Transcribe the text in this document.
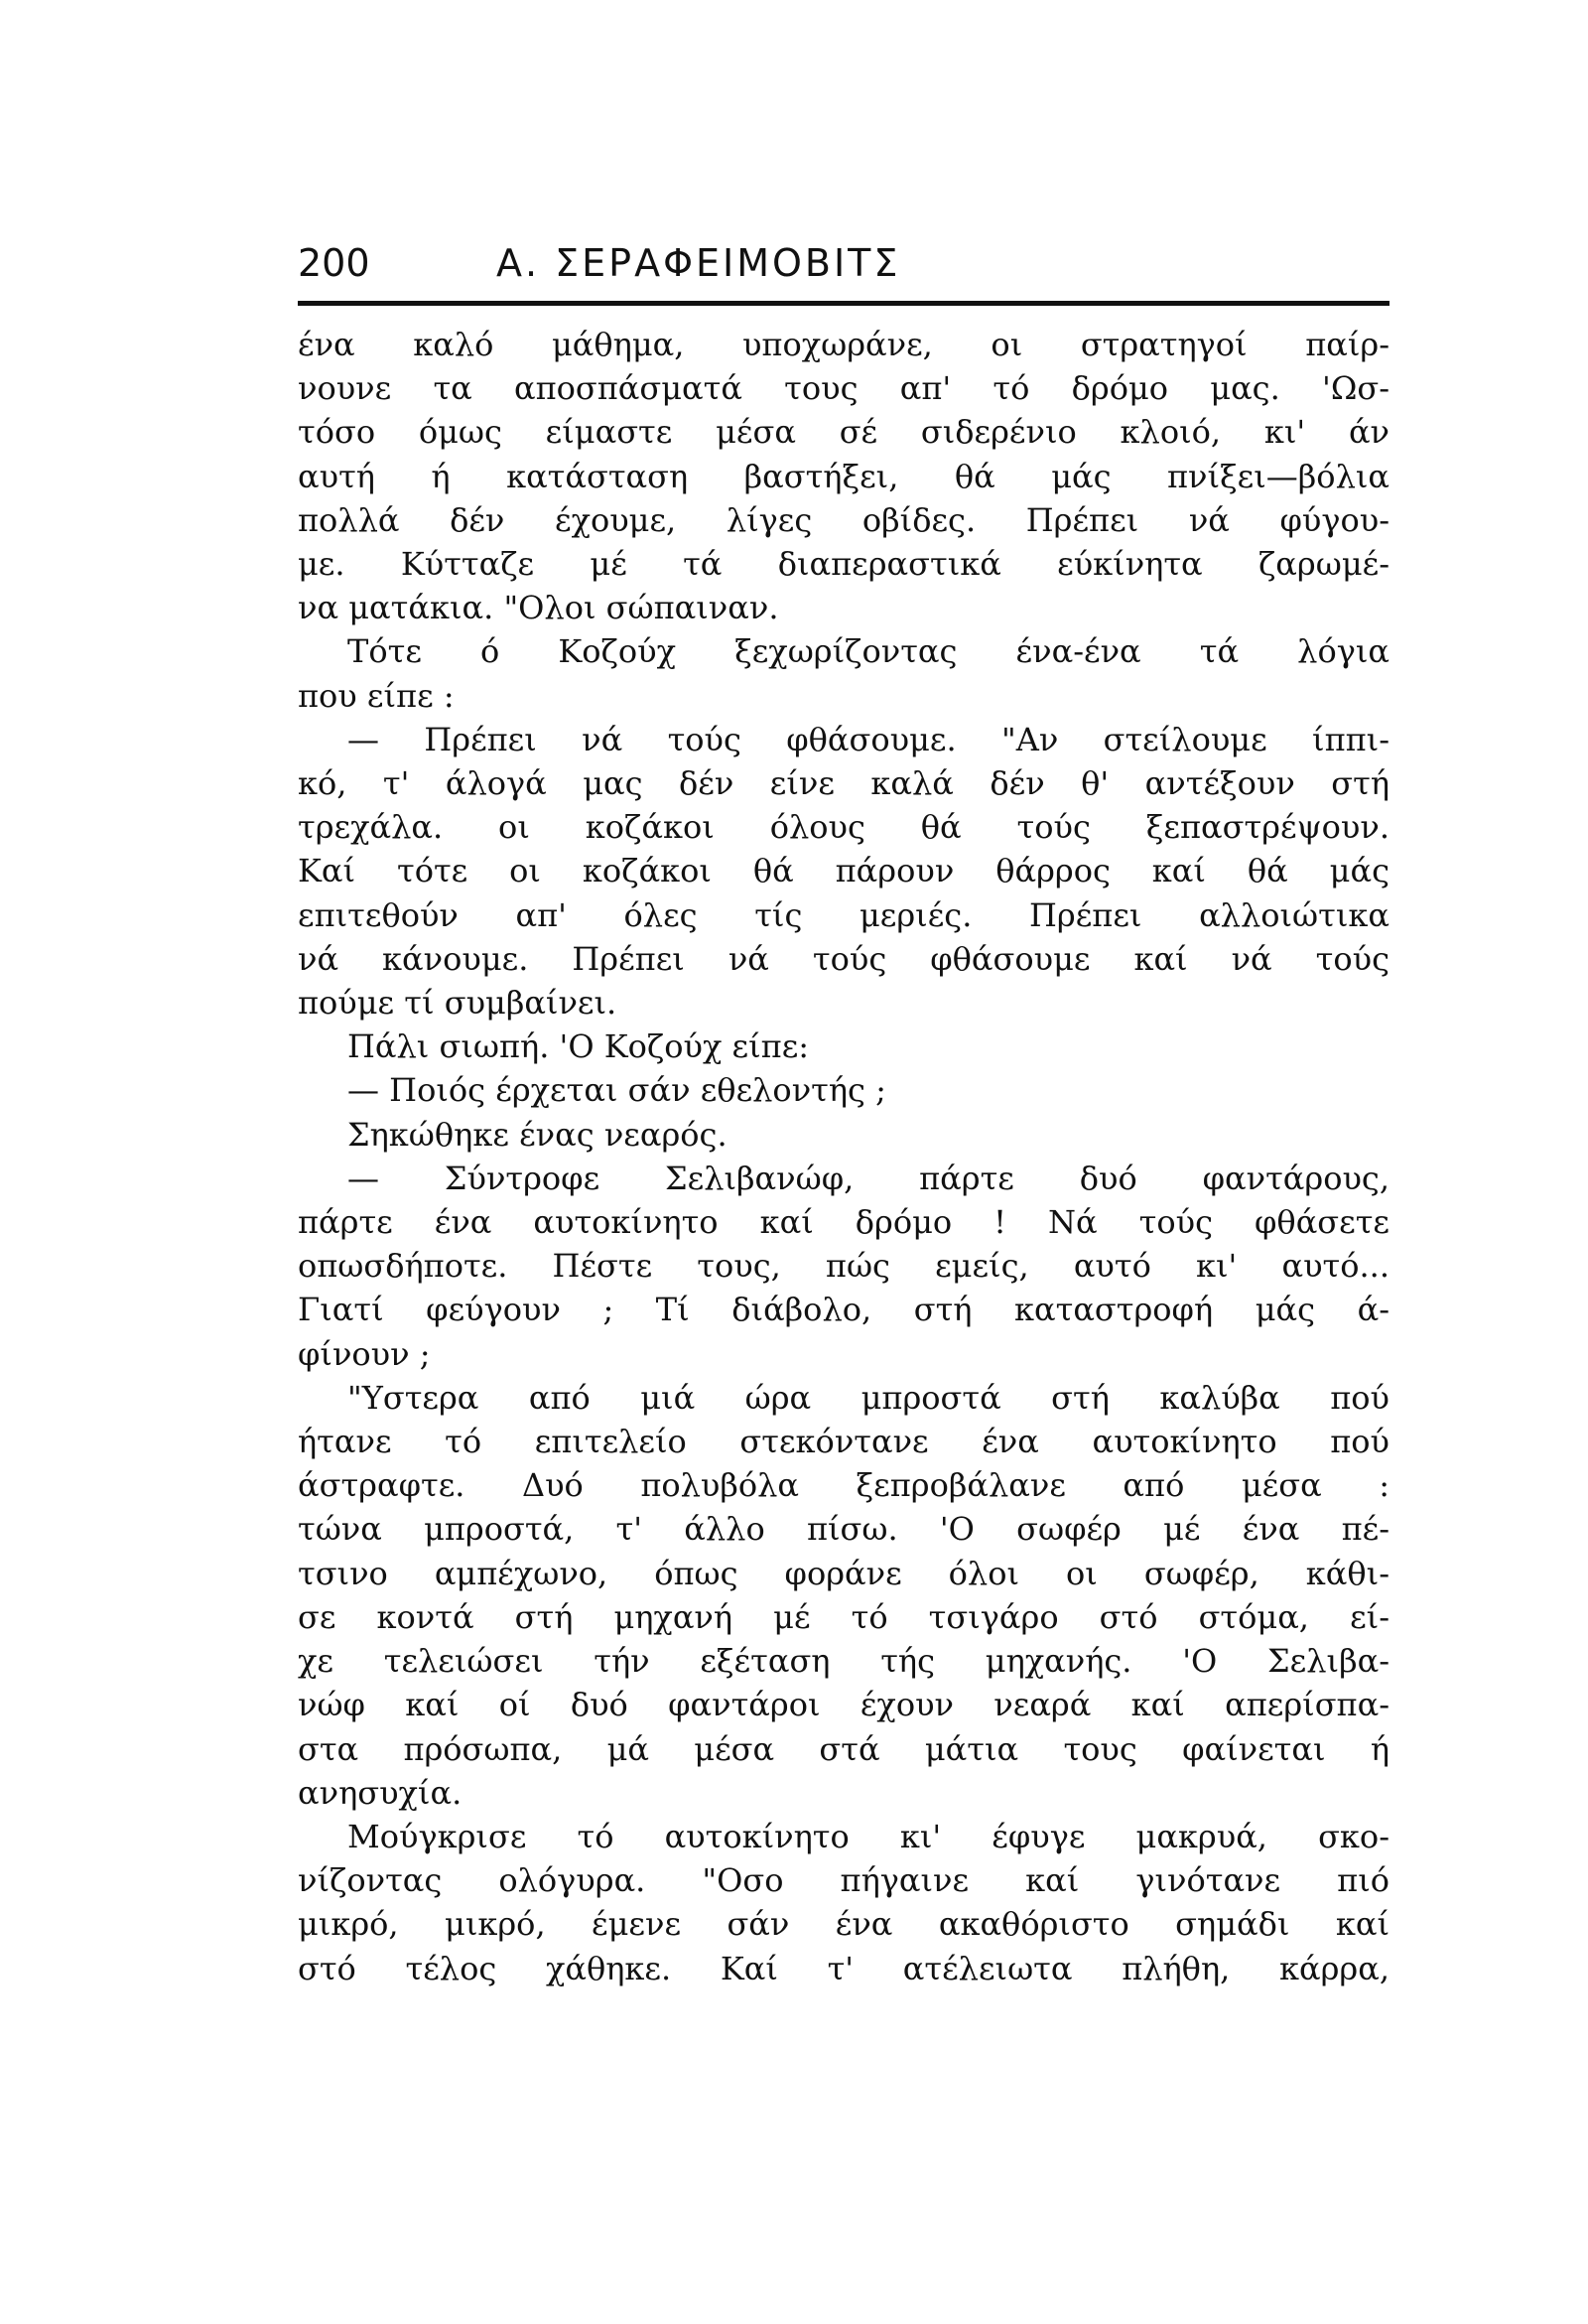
200	Α. ΣΕΡΑΦΕΙΜΟΒΙΤΣ
ένα καλό μάθημα, υποχωράνε, οι στρατηγοί παίρ-
νουνε τα αποσπάσματά τους απ' τό δρόμο μας. 'Ωσ-
τόσο όμως είμαστε μέσα σέ σιδερένιο κλοιό, κι' άν
αυτή ή κατάσταση βαστήξει, θά μάς πνίξει—βόλια
πολλά δέν έχουμε, λίγες οβίδες. Πρέπει νά φύγου-
με. Κύτταζε μέ τά διαπεραστικά εύκίνητα ζαρωμέ-
να ματάκια. "Ολοι σώπαιναν.
Τότε ό Κοζούχ ξεχωρίζοντας ένα-ένα τά λόγια
που είπε :
— Πρέπει νά τούς φθάσουμε. "Αν στείλουμε ίππι-
κό, τ' άλογά μας δέν είνε καλά δέν θ' αντέξουν στή
τρεχάλα. οι κοζάκοι όλους θά τούς ξεπαστρέψουν.
Καί τότε οι κοζάκοι θά πάρουν θάρρος καί θά μάς
επιτεθούν απ' όλες τίς μεριές. Πρέπει αλλοιώτικα
νά κάνουμε. Πρέπει νά τούς φθάσουμε καί νά τούς
πούμε τί συμβαίνει.
Πάλι σιωπή. 'Ο Κοζούχ είπε:
— Ποιός έρχεται σάν εθελοντής ;
Σηκώθηκε ένας νεαρός.
— Σύντροφε Σελιβανώφ, πάρτε δυό φαντάρους,
πάρτε ένα αυτοκίνητο καί δρόμο ! Νά τούς φθάσετε
οπωσδήποτε. Πέστε τους, πώς εμείς, αυτό κι' αυτό...
Γιατί φεύγουν ; Τί διάβολο, στή καταστροφή μάς ά-
φίνουν ;
"Υστερα από μιά ώρα μπροστά στή καλύβα πού
ήτανε τό επιτελείο στεκόντανε ένα αυτοκίνητο πού
άστραφτε. Δυό πολυβόλα ξεπροβάλανε από μέσα :
τώνα μπροστά, τ' άλλο πίσω. 'Ο σωφέρ μέ ένα πέ-
τσινο αμπέχωνο, όπως φοράνε όλοι οι σωφέρ, κάθι-
σε κοντά στή μηχανή μέ τό τσιγάρο στό στόμα, εί-
χε τελειώσει τήν εξέταση τής μηχανής. 'Ο Σελιβα-
νώφ καί οί δυό φαντάροι έχουν νεαρά καί απερίσπα-
στα πρόσωπα, μά μέσα στά μάτια τους φαίνεται ή
ανησυχία.
Μούγκρισε τό αυτοκίνητο κι' έφυγε μακρυά, σκο-
νίζοντας ολόγυρα. "Οσο πήγαινε καί γινότανε πιό
μικρό, μικρό, έμενε σάν ένα ακαθόριστο σημάδι καί
στό τέλος χάθηκε. Καί τ' ατέλειωτα πλήθη, κάρρα,
